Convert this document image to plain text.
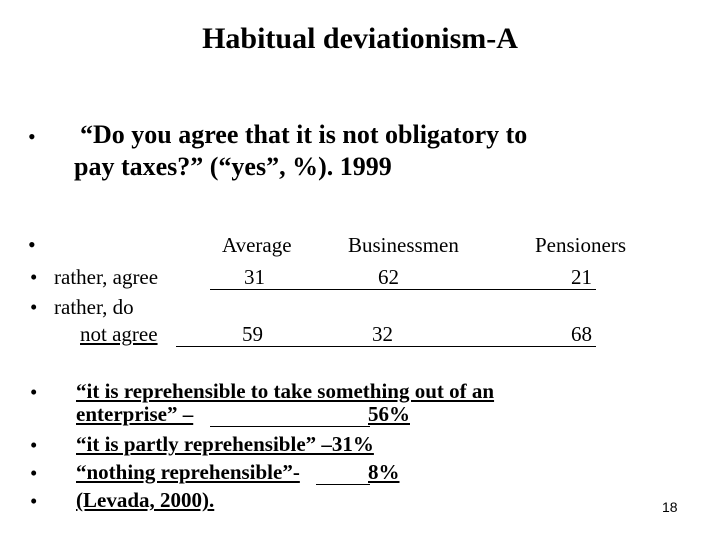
Habitual deviationism-A
• “Do you agree that it is not obligatory to
pay taxes?” (“yes”, %). 1999
•	Average	Businessmen	Pensioners
• rather, agree	31	62	21
• rather, do
not agree	59	32	68
• “it is reprehensible to take something out of an
enterprise” –	56%
• “it is partly reprehensible” –31%
• “nothing reprehensible”-	8%
• (Levada, 2000).	18
